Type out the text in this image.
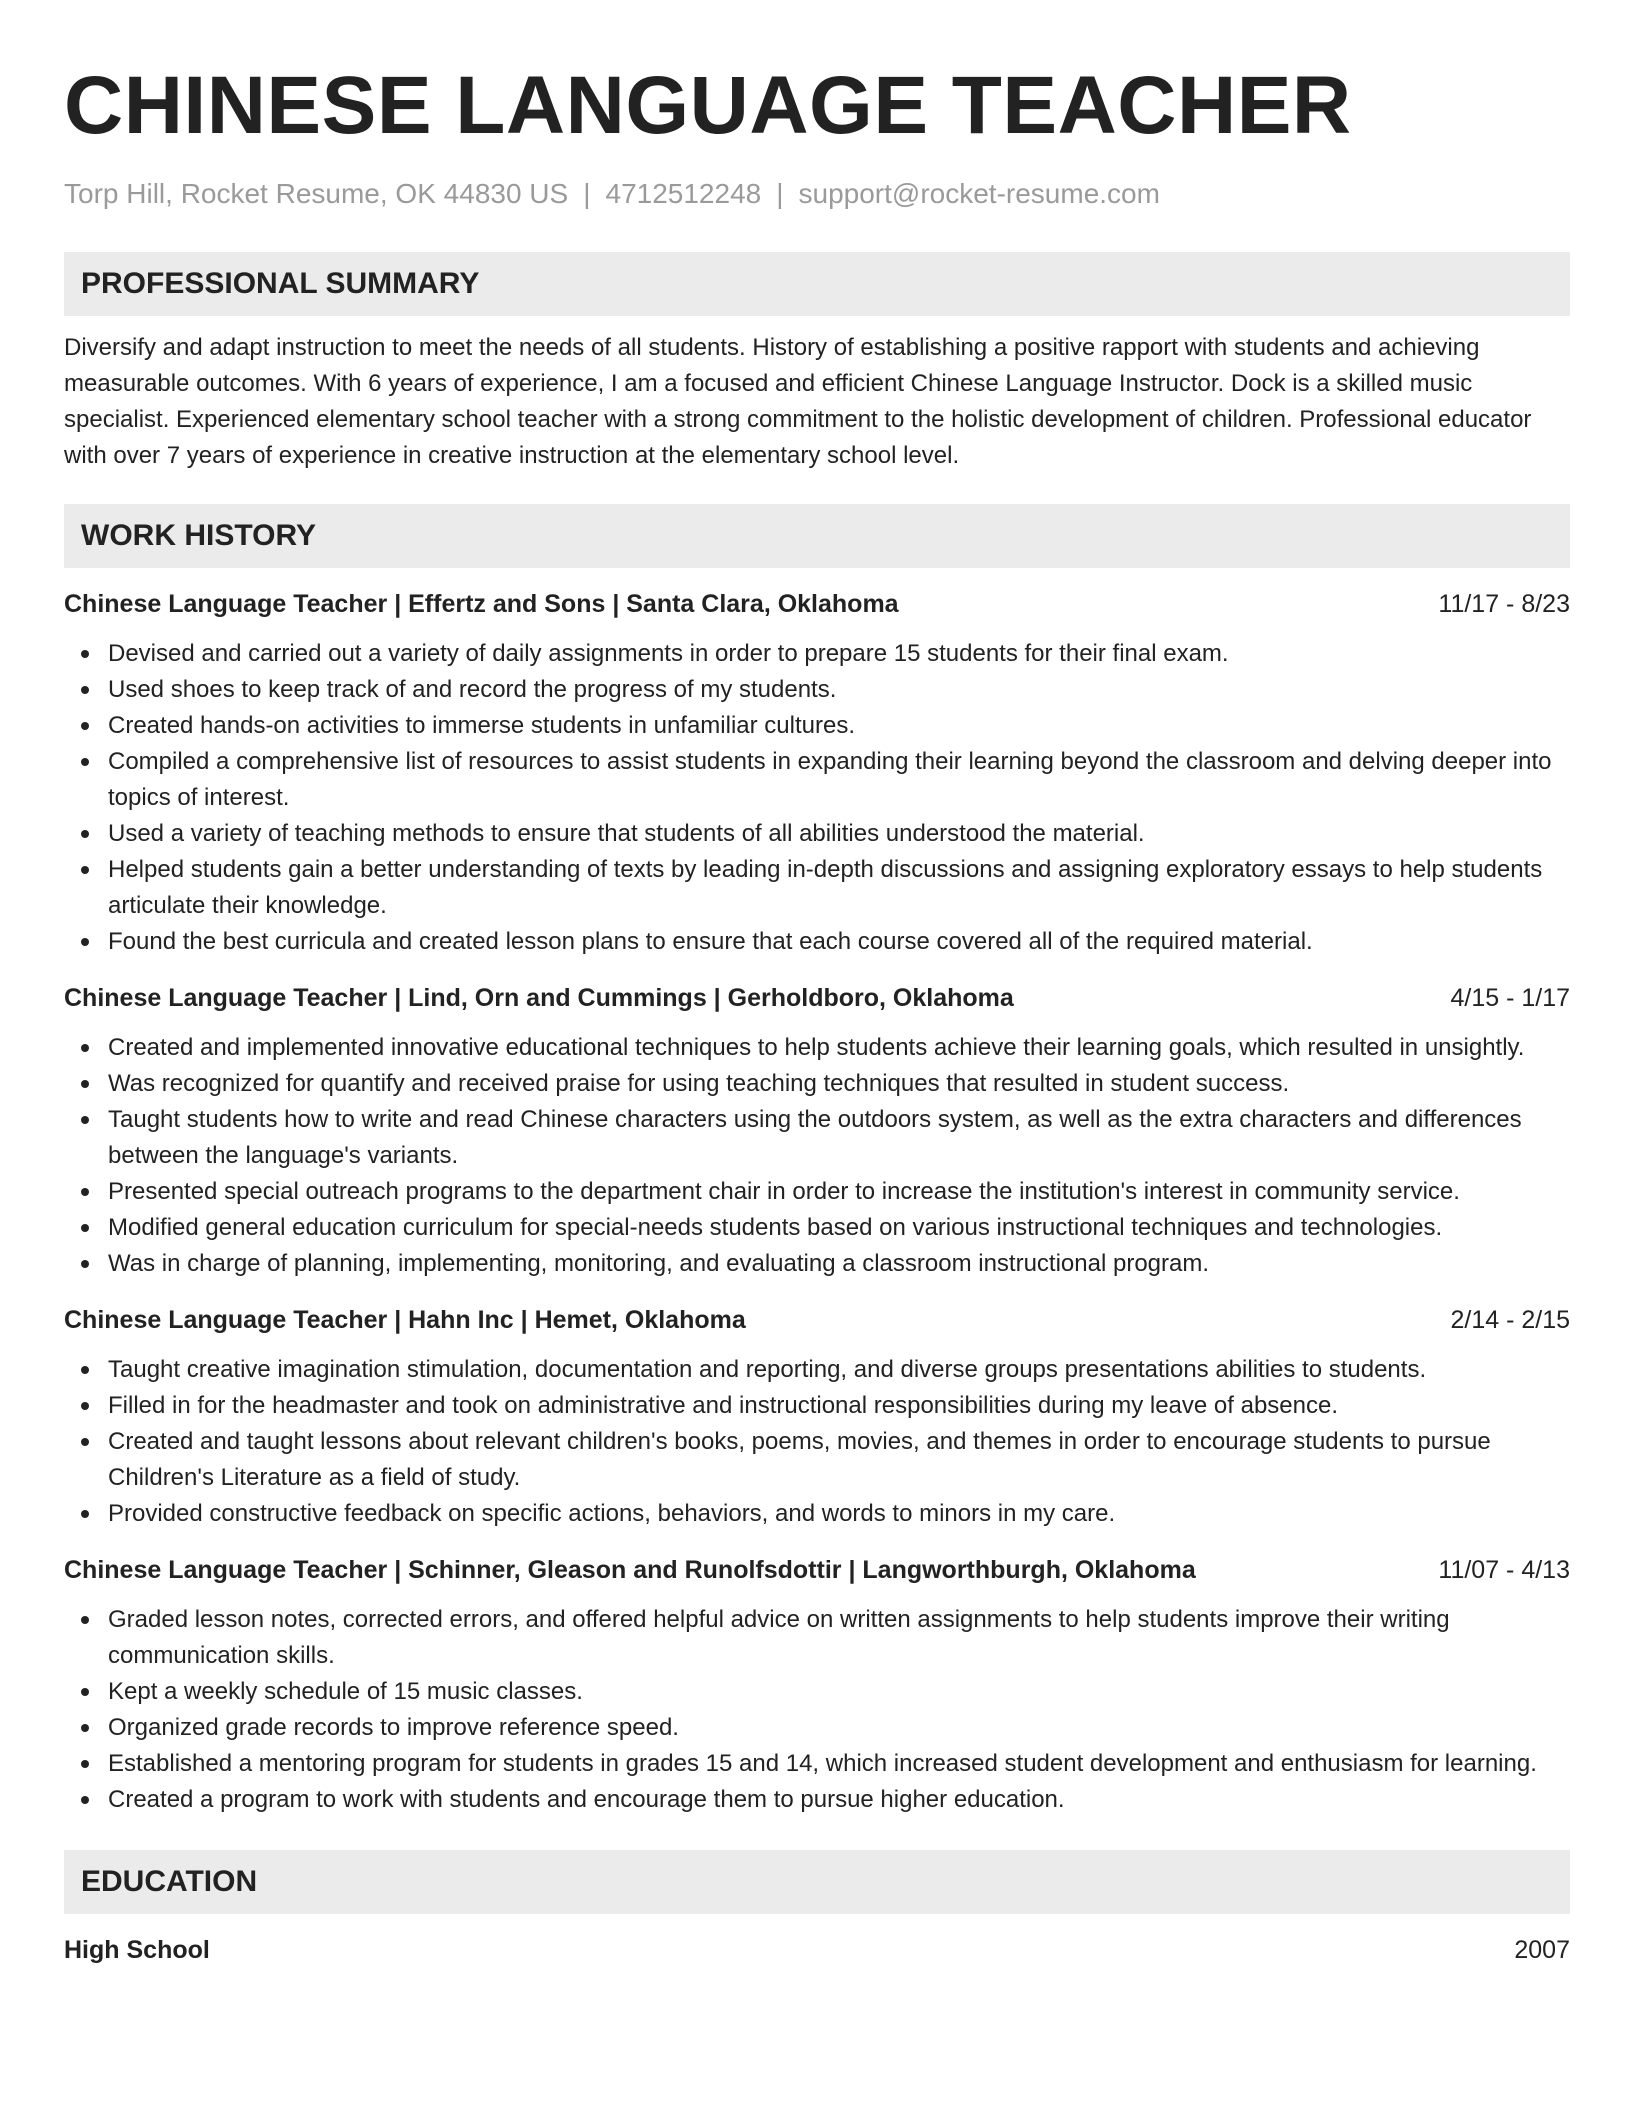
CHINESE LANGUAGE TEACHER
Torp Hill, Rocket Resume, OK 44830 US | 4712512248 | support@rocket-resume.com
PROFESSIONAL SUMMARY
Diversify and adapt instruction to meet the needs of all students. History of establishing a positive rapport with students and achieving measurable outcomes. With 6 years of experience, I am a focused and efficient Chinese Language Instructor. Dock is a skilled music specialist. Experienced elementary school teacher with a strong commitment to the holistic development of children. Professional educator with over 7 years of experience in creative instruction at the elementary school level.
WORK HISTORY
Chinese Language Teacher | Effertz and Sons | Santa Clara, Oklahoma	11/17 - 8/23
Devised and carried out a variety of daily assignments in order to prepare 15 students for their final exam.
Used shoes to keep track of and record the progress of my students.
Created hands-on activities to immerse students in unfamiliar cultures.
Compiled a comprehensive list of resources to assist students in expanding their learning beyond the classroom and delving deeper into topics of interest.
Used a variety of teaching methods to ensure that students of all abilities understood the material.
Helped students gain a better understanding of texts by leading in-depth discussions and assigning exploratory essays to help students articulate their knowledge.
Found the best curricula and created lesson plans to ensure that each course covered all of the required material.
Chinese Language Teacher | Lind, Orn and Cummings | Gerholdboro, Oklahoma	4/15 - 1/17
Created and implemented innovative educational techniques to help students achieve their learning goals, which resulted in unsightly.
Was recognized for quantify and received praise for using teaching techniques that resulted in student success.
Taught students how to write and read Chinese characters using the outdoors system, as well as the extra characters and differences between the language's variants.
Presented special outreach programs to the department chair in order to increase the institution's interest in community service.
Modified general education curriculum for special-needs students based on various instructional techniques and technologies.
Was in charge of planning, implementing, monitoring, and evaluating a classroom instructional program.
Chinese Language Teacher | Hahn Inc | Hemet, Oklahoma	2/14 - 2/15
Taught creative imagination stimulation, documentation and reporting, and diverse groups presentations abilities to students.
Filled in for the headmaster and took on administrative and instructional responsibilities during my leave of absence.
Created and taught lessons about relevant children's books, poems, movies, and themes in order to encourage students to pursue Children's Literature as a field of study.
Provided constructive feedback on specific actions, behaviors, and words to minors in my care.
Chinese Language Teacher | Schinner, Gleason and Runolfsdottir | Langworthburgh, Oklahoma	11/07 - 4/13
Graded lesson notes, corrected errors, and offered helpful advice on written assignments to help students improve their writing communication skills.
Kept a weekly schedule of 15 music classes.
Organized grade records to improve reference speed.
Established a mentoring program for students in grades 15 and 14, which increased student development and enthusiasm for learning.
Created a program to work with students and encourage them to pursue higher education.
EDUCATION
High School	2007
